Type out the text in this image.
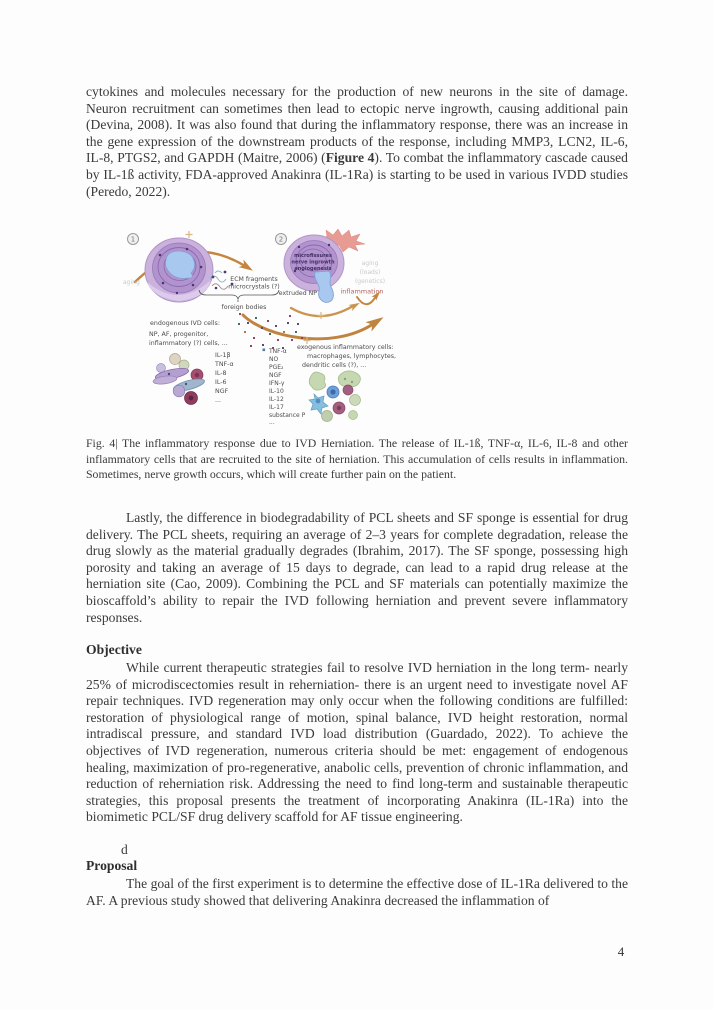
cytokines and molecules necessary for the production of new neurons in the site of damage. Neuron recruitment can sometimes then lead to ectopic nerve ingrowth, causing additional pain (Devina, 2008). It was also found that during the inflammatory response, there was an increase in the gene expression of the downstream products of the response, including MMP3, LCN2, IL-6, IL-8, PTGS2, and GAPDH (Maitre, 2006) (Figure 4). To combat the inflammatory cascade caused by IL-1ß activity, FDA-approved Anakinra (IL-1Ra) is starting to be used in various IVDD studies (Peredo, 2022).

1
aging	ECM fragments
microcrystals (?)
foreign bodies
2
microfissures
nerve ingrowth
angiogenesis
extruded NP
aging
(loads)
(genetics)
inflammation
endogenous IVD cells:
NP, AF, progenitor,
inflammatory (?) cells, ...
IL-1β
TNF-α
IL-8
IL-6
NGF
...
TNF-α
NO
PGE₂
NGF
IFN-γ
IL-10
IL-12
IL-17
substance P
...
exogenous inflammatory cells:
macrophages, lymphocytes,
dendritic cells (?), ...

Fig. 4| The inflammatory response due to IVD Herniation. The release of IL-1ß, TNF-α, IL-6, IL-8 and other inflammatory cells that are recruited to the site of herniation. This accumulation of cells results in inflammation. Sometimes, nerve growth occurs, which will create further pain on the patient.

Lastly, the difference in biodegradability of PCL sheets and SF sponge is essential for drug delivery. The PCL sheets, requiring an average of 2–3 years for complete degradation, release the drug slowly as the material gradually degrades (Ibrahim, 2017). The SF sponge, possessing high porosity and taking an average of 15 days to degrade, can lead to a rapid drug release at the herniation site (Cao, 2009). Combining the PCL and SF materials can potentially maximize the bioscaffold’s ability to repair the IVD following herniation and prevent severe inflammatory responses.

Objective

While current therapeutic strategies fail to resolve IVD herniation in the long term- nearly 25% of microdiscectomies result in reherniation- there is an urgent need to investigate novel AF repair techniques. IVD regeneration may only occur when the following conditions are fulfilled: restoration of physiological range of motion, spinal balance, IVD height restoration, normal intradiscal pressure, and standard IVD load distribution (Guardado, 2022). To achieve the objectives of IVD regeneration, numerous criteria should be met: engagement of endogenous healing, maximization of pro-regenerative, anabolic cells, prevention of chronic inflammation, and reduction of reherniation risk. Addressing the need to find long-term and sustainable therapeutic strategies, this proposal presents the treatment of incorporating Anakinra (IL-1Ra) into the biomimetic PCL/SF drug delivery scaffold for AF tissue engineering.

d
Proposal

The goal of the first experiment is to determine the effective dose of IL-1Ra delivered to the AF. A previous study showed that delivering Anakinra decreased the inflammation of

4
